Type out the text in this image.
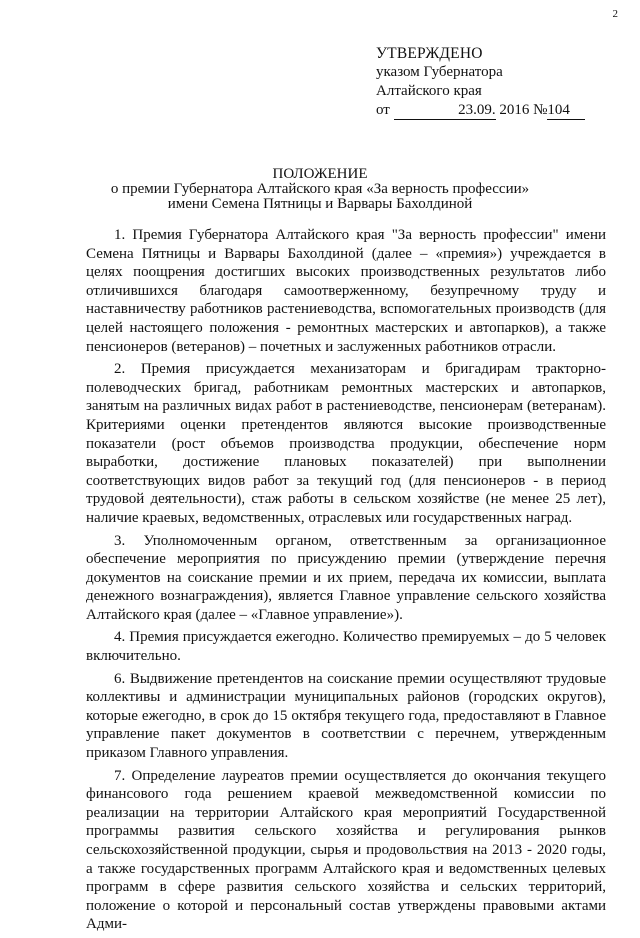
2
УТВЕРЖДЕНО
указом Губернатора
Алтайского края
от	23.09. 2016 №104
ПОЛОЖЕНИЕ
о премии Губернатора Алтайского края «За верность профессии»
имени Семена Пятницы и Варвары Бахолдиной

1. Премия Губернатора Алтайского края "За верность профессии" имени Семена Пятницы и Варвары Бахолдиной (далее – «премия») учреждается в целях поощрения достигших высоких производственных результатов либо отличившихся благодаря самоотверженному, безупречному труду и наставничеству работников растениеводства, вспомогательных производств (для целей настоящего положения - ремонтных мастерских и автопарков), а также пенсионеров (ветеранов) – почетных и заслуженных работников отрасли.

2. Премия присуждается механизаторам и бригадирам тракторно-полеводческих бригад, работникам ремонтных мастерских и автопарков, занятым на различных видах работ в растениеводстве, пенсионерам (ветеранам). Критериями оценки претендентов являются высокие производственные показатели (рост объемов производства продукции, обеспечение норм выработки, достижение плановых показателей) при выполнении соответствующих видов работ за текущий год (для пенсионеров - в период трудовой деятельности), стаж работы в сельском хозяйстве (не менее 25 лет), наличие краевых, ведомственных, отраслевых или государственных наград.

3. Уполномоченным органом, ответственным за организационное обеспечение мероприятия по присуждению премии (утверждение перечня документов на соискание премии и их прием, передача их комиссии, выплата денежного вознаграждения), является Главное управление сельского хозяйства Алтайского края (далее – «Главное управление»).

4. Премия присуждается ежегодно. Количество премируемых – до 5 человек включительно.

6. Выдвижение претендентов на соискание премии осуществляют трудовые коллективы и администрации муниципальных районов (городских округов), которые ежегодно, в срок до 15 октября текущего года, предоставляют в Главное управление пакет документов в соответствии с перечнем, утвержденным приказом Главного управления.

7. Определение лауреатов премии осуществляется до окончания текущего финансового года решением краевой межведомственной комиссии по реализации на территории Алтайского края мероприятий Государственной программы развития сельского хозяйства и регулирования рынков сельскохозяйственной продукции, сырья и продовольствия на 2013 - 2020 годы, а также государственных программ Алтайского края и ведомственных целевых программ в сфере развития сельского хозяйства и сельских территорий, положение о которой и персональный состав утверждены правовыми актами Адми-
